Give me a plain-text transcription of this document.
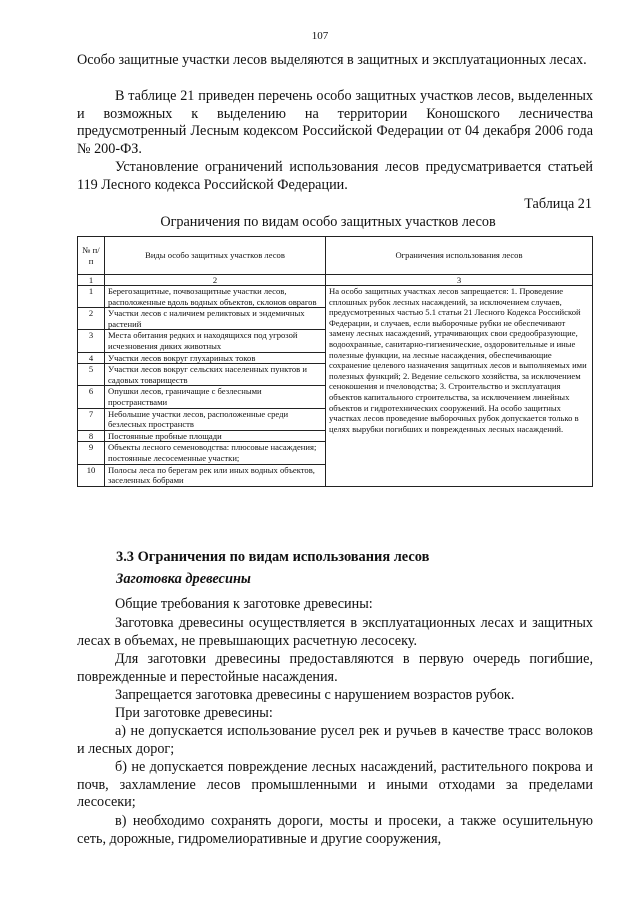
107
Особо защитные участки лесов выделяются в защитных и эксплуатационных лесах.
В таблице 21 приведен перечень особо защитных участков лесов, выделенных и возможных к выделению на территории Коношского лесничества предусмотренный Лесным кодексом Российской Федерации от 04 декабря 2006 года № 200-ФЗ.
Установление ограничений использования лесов предусматривается статьей 119 Лесного кодекса Российской Федерации.
Таблица 21
Ограничения по видам особо защитных участков лесов
№ п/п	Виды особо защитных участков лесов	Ограничения использования лесов
1	2	3
1	Берегозащитные, почвозащитные участки лесов, расположенные вдоль водных объектов, склонов оврагов	На особо защитных участках лесов запрещается: 1. Проведение сплошных рубок лесных насаждений, за исключением случаев, предусмотренных частью 5.1 статьи 21 Лесного Кодекса Российской Федерации, и случаев, если выборочные рубки не обеспечивают замену лесных насаждений, утрачивающих свои средообразующие, водоохранные, санитарно-гигиенические, оздоровительные и иные полезные функции, на лесные насаждения, обеспечивающие сохранение целевого назначения защитных лесов и выполняемых ими полезных функций; 2. Ведение сельского хозяйства, за исключением сенокошения и пчеловодства; 3. Строительство и эксплуатация объектов капитального строительства, за исключением линейных объектов и гидротехнических сооружений. На особо защитных участках лесов проведение выборочных рубок допускается только в целях вырубки погибших и поврежденных лесных насаждений.
2	Участки лесов с наличием реликтовых и эндемичных растений	
3	Места обитания редких и находящихся под угрозой исчезновения диких животных	
4	Участки лесов вокруг глухариных токов	
5	Участки лесов вокруг сельских населенных пунктов и садовых товариществ	
6	Опушки лесов, граничащие с безлесными пространствами	
7	Небольшие участки лесов, расположенные среди безлесных пространств	
8	Постоянные пробные площади	
9	Объекты лесного семеноводства: плюсовые насаждения; постоянные лесосеменные участки;	
10	Полосы леса по берегам рек или иных водных объектов, заселенных бобрами	
3.3 Ограничения по видам использования лесов
Заготовка древесины
Общие требования к заготовке древесины:
Заготовка древесины осуществляется в эксплуатационных лесах и защитных лесах в объемах, не превышающих расчетную лесосеку.
Для заготовки древесины предоставляются в первую очередь погибшие, поврежденные и перестойные насаждения.
Запрещается заготовка древесины с нарушением возрастов рубок.
При заготовке древесины:
а) не допускается использование русел рек и ручьев в качестве трасс волоков и лесных дорог;
б) не допускается повреждение лесных насаждений, растительного покрова и почв, захламление лесов промышленными и иными отходами за пределами лесосеки;
в) необходимо сохранять дороги, мосты и просеки, а также осушительную сеть, дорожные, гидромелиоративные и другие сооружения,
